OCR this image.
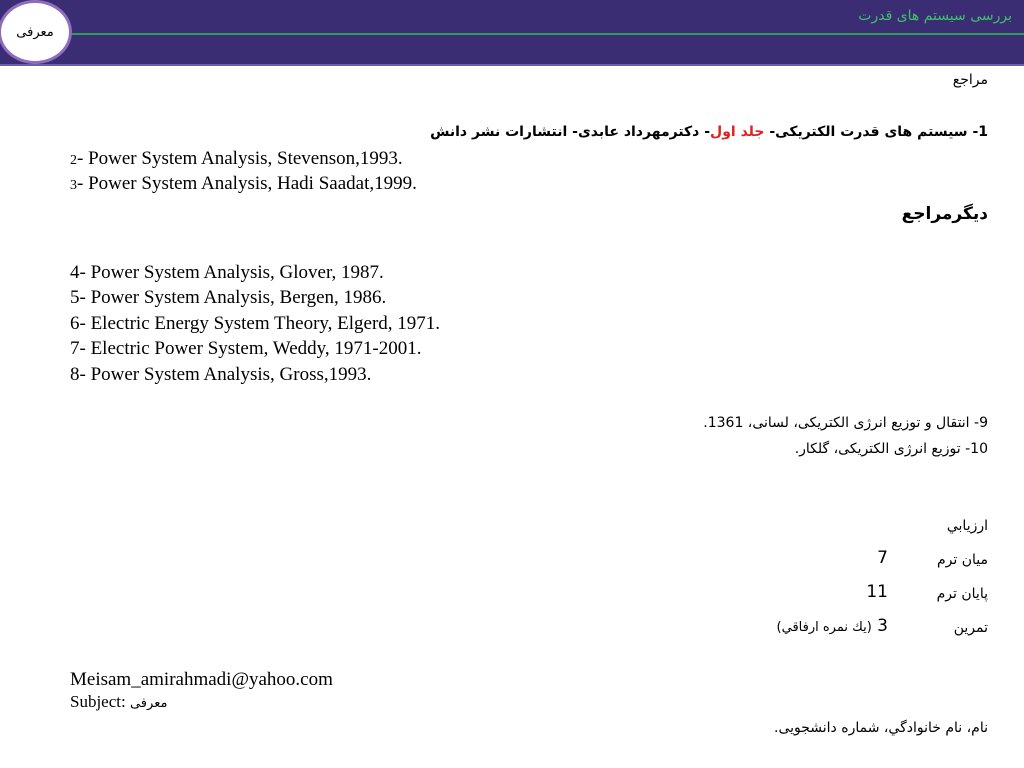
بررسی سیستم های قدرت
معرفی
مراجع
1- سیستم های قدرت الکتریکی- جلد اول- دکترمهرداد عابدی- انتشارات نشر دانش
2- Power System Analysis, Stevenson,1993.
3- Power System Analysis, Hadi Saadat,1999.
دیگرمراجع
4- Power System Analysis, Glover, 1987.
5- Power System Analysis, Bergen, 1986.
6- Electric Energy System Theory, Elgerd, 1971.
7- Electric Power System, Weddy, 1971-2001.
8- Power System Analysis, Gross,1993.
9- انتقال و توزیع انرژی الکتریکی، لسانی، 1361.
10- توزیع انرژی الکتریکی، گلکار.
ارزيابي
میان ترم
7
پایان ترم
11
تمرین
3 (یك نمره ارفاقي)
Meisam_amirahmadi@yahoo.com
Subject: معرفی
نام، نام خانوادگي، شماره دانشجویی.
